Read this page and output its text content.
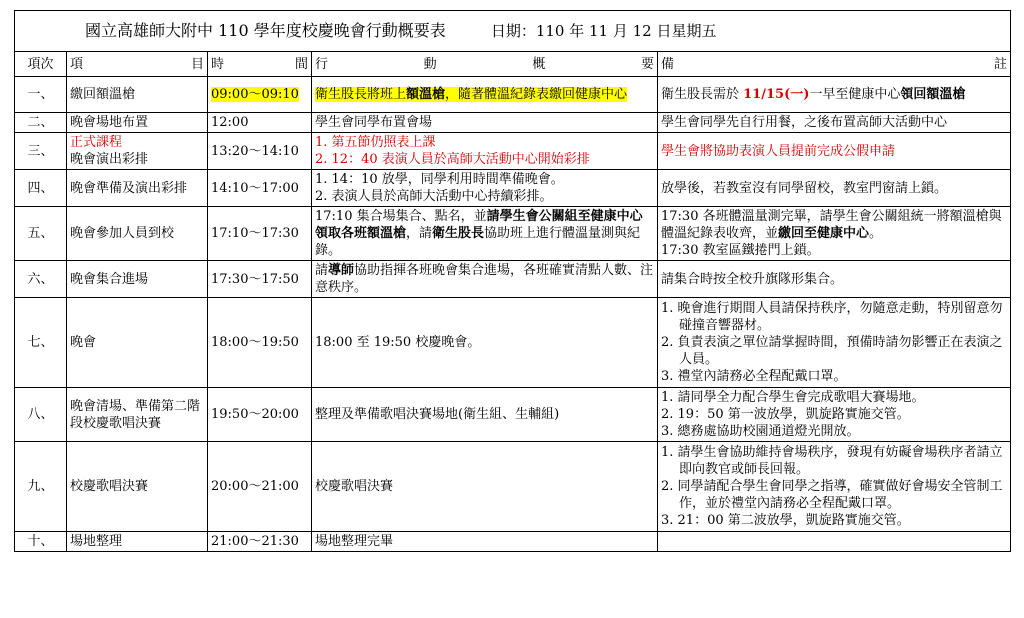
國立高雄師大附中 110 學年度校慶晚會行動概要表 日期：110 年 11 月 12 日星期五				
項次	項 目	時 間	行動概要	備註
一、	繳回額溫槍	09:00～09:10	衛生股長將班上額溫槍，隨著體溫紀錄表繳回健康中心	衛生股長需於 11/15(一)一早至健康中心領回額溫槍

二、	晚會場地布置	12:00	學生會同學布置會場	學生會同學先自行用餐，之後布置高師大活動中心
三、	正式課程
晚會演出彩排	13:20～14:10	1. 第五節仍照表上課
2. 12：40 表演人員於高師大活動中心開始彩排	學生會將協助表演人員提前完成公假申請
四、	晚會準備及演出彩排	14:10～17:00	1. 14：10 放學，同學利用時間準備晚會。
2. 表演人員於高師大活動中心持續彩排。	放學後，若教室沒有同學留校，教室門窗請上鎖。
五、	晚會參加人員到校	17:10～17:30	17:10 集合場集合、點名，並請學生會公關組至健康中心領取各班額溫槍，請衛生股長協助班上進行體溫量測與紀錄。	17:30 各班體溫量測完畢，請學生會公關組統一將額溫槍與體溫紀錄表收齊，並繳回至健康中心。
17:30 教室區鐵捲門上鎖。

六、	晚會集合進場	17:30～17:50	請導師協助指揮各班晚會集合進場，各班確實清點人數、注意秩序。	請集合時按全校升旗隊形集合。
七、	晚會	18:00～19:50	18:00 至 19:50 校慶晚會。	1. 晚會進行期間人員請保持秩序，勿隨意走動，特別留意勿碰撞音響器材。
2. 負責表演之單位請掌握時間，預備時請勿影響正在表演之人員。
3. 禮堂內請務必全程配戴口罩。

八、	晚會清場、準備第二階段校慶歌唱決賽	19:50～20:00	整理及準備歌唱決賽場地(衛生組、生輔組)	1. 請同學全力配合學生會完成歌唱大賽場地。
2. 19：50 第一波放學，凱旋路實施交管。
3. 總務處協助校園通道燈光開放。

九、	校慶歌唱決賽	20:00～21:00	校慶歌唱決賽	1. 請學生會協助維持會場秩序，發現有妨礙會場秩序者請立即向教官或師長回報。
2. 同學請配合學生會同學之指導，確實做好會場安全管制工作，並於禮堂內請務必全程配戴口罩。
3. 21：00 第二波放學，凱旋路實施交管。

十、	場地整理	21:00～21:30	場地整理完畢	
